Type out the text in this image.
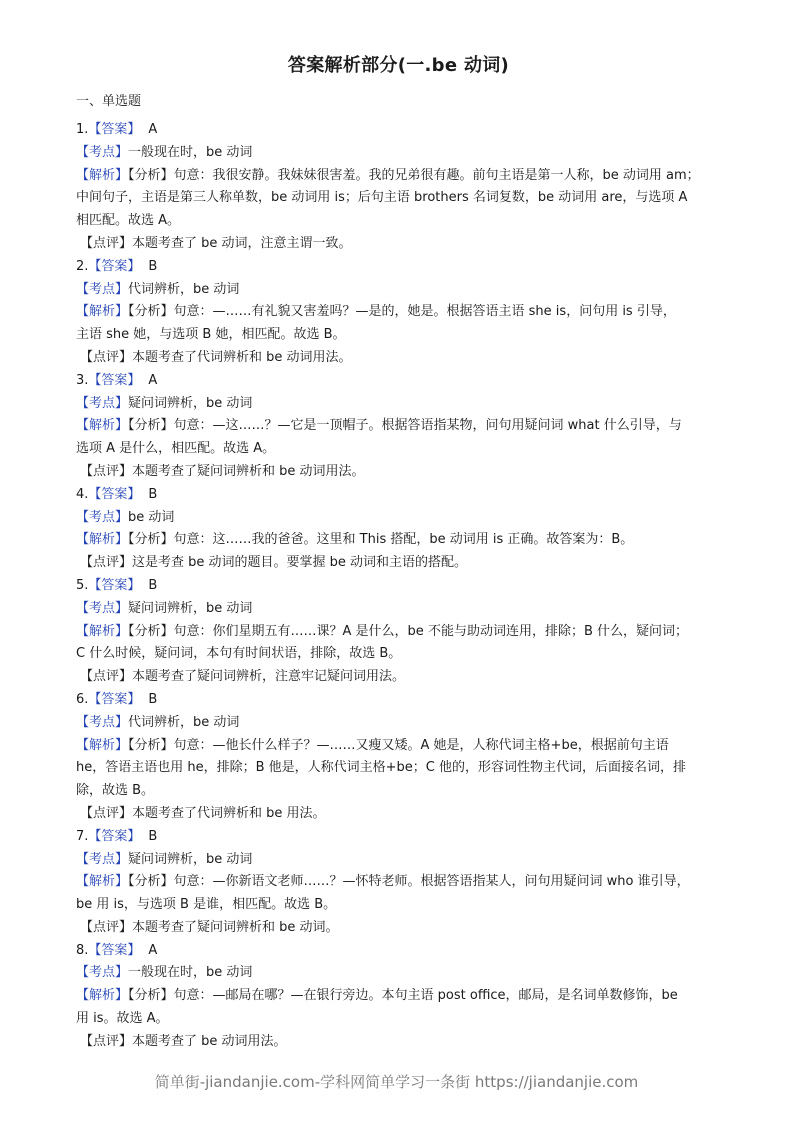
答案解析部分(一.be 动词)
一、单选题
1.【答案】 A
【考点】一般现在时，be 动词
【解析】【分析】句意：我很安静。我妹妹很害羞。我的兄弟很有趣。前句主语是第一人称，be 动词用 am；
中间句子，主语是第三人称单数，be 动词用 is；后句主语 brothers 名词复数，be 动词用 are，与选项 A
相匹配。故选 A。
【点评】本题考查了 be 动词，注意主谓一致。
2.【答案】 B
【考点】代词辨析，be 动词
【解析】【分析】句意：—……有礼貌又害羞吗？—是的，她是。根据答语主语 she is，问句用 is 引导，
主语 she 她，与选项 B 她，相匹配。故选 B。
【点评】本题考查了代词辨析和 be 动词用法。
3.【答案】 A
【考点】疑问词辨析，be 动词
【解析】【分析】句意：—这……？—它是一顶帽子。根据答语指某物，问句用疑问词 what 什么引导，与
选项 A 是什么，相匹配。故选 A。
【点评】本题考查了疑问词辨析和 be 动词用法。
4.【答案】 B
【考点】be 动词
【解析】【分析】句意：这……我的爸爸。这里和 This 搭配，be 动词用 is 正确。故答案为：B。
【点评】这是考查 be 动词的题目。要掌握 be 动词和主语的搭配。
5.【答案】 B
【考点】疑问词辨析，be 动词
【解析】【分析】句意：你们星期五有……课？A 是什么，be 不能与助动词连用，排除；B 什么，疑问词；
C 什么时候，疑问词，本句有时间状语，排除，故选 B。
【点评】本题考查了疑问词辨析，注意牢记疑问词用法。
6.【答案】 B
【考点】代词辨析，be 动词
【解析】【分析】句意：—他长什么样子？—……又瘦又矮。A 她是，人称代词主格+be，根据前句主语
he，答语主语也用 he，排除；B 他是，人称代词主格+be；C 他的，形容词性物主代词，后面接名词，排
除，故选 B。
【点评】本题考查了代词辨析和 be 用法。
7.【答案】 B
【考点】疑问词辨析，be 动词
【解析】【分析】句意：—你新语文老师……？—怀特老师。根据答语指某人，问句用疑问词 who 谁引导，
be 用 is，与选项 B 是谁，相匹配。故选 B。
【点评】本题考查了疑问词辨析和 be 动词。
8.【答案】 A
【考点】一般现在时，be 动词
【解析】【分析】句意：—邮局在哪？—在银行旁边。本句主语 post office，邮局，是名词单数修饰，be
用 is。故选 A。
【点评】本题考查了 be 动词用法。
简单街-jiandanjie.com-学科网简单学习一条街 https://jiandanjie.com
